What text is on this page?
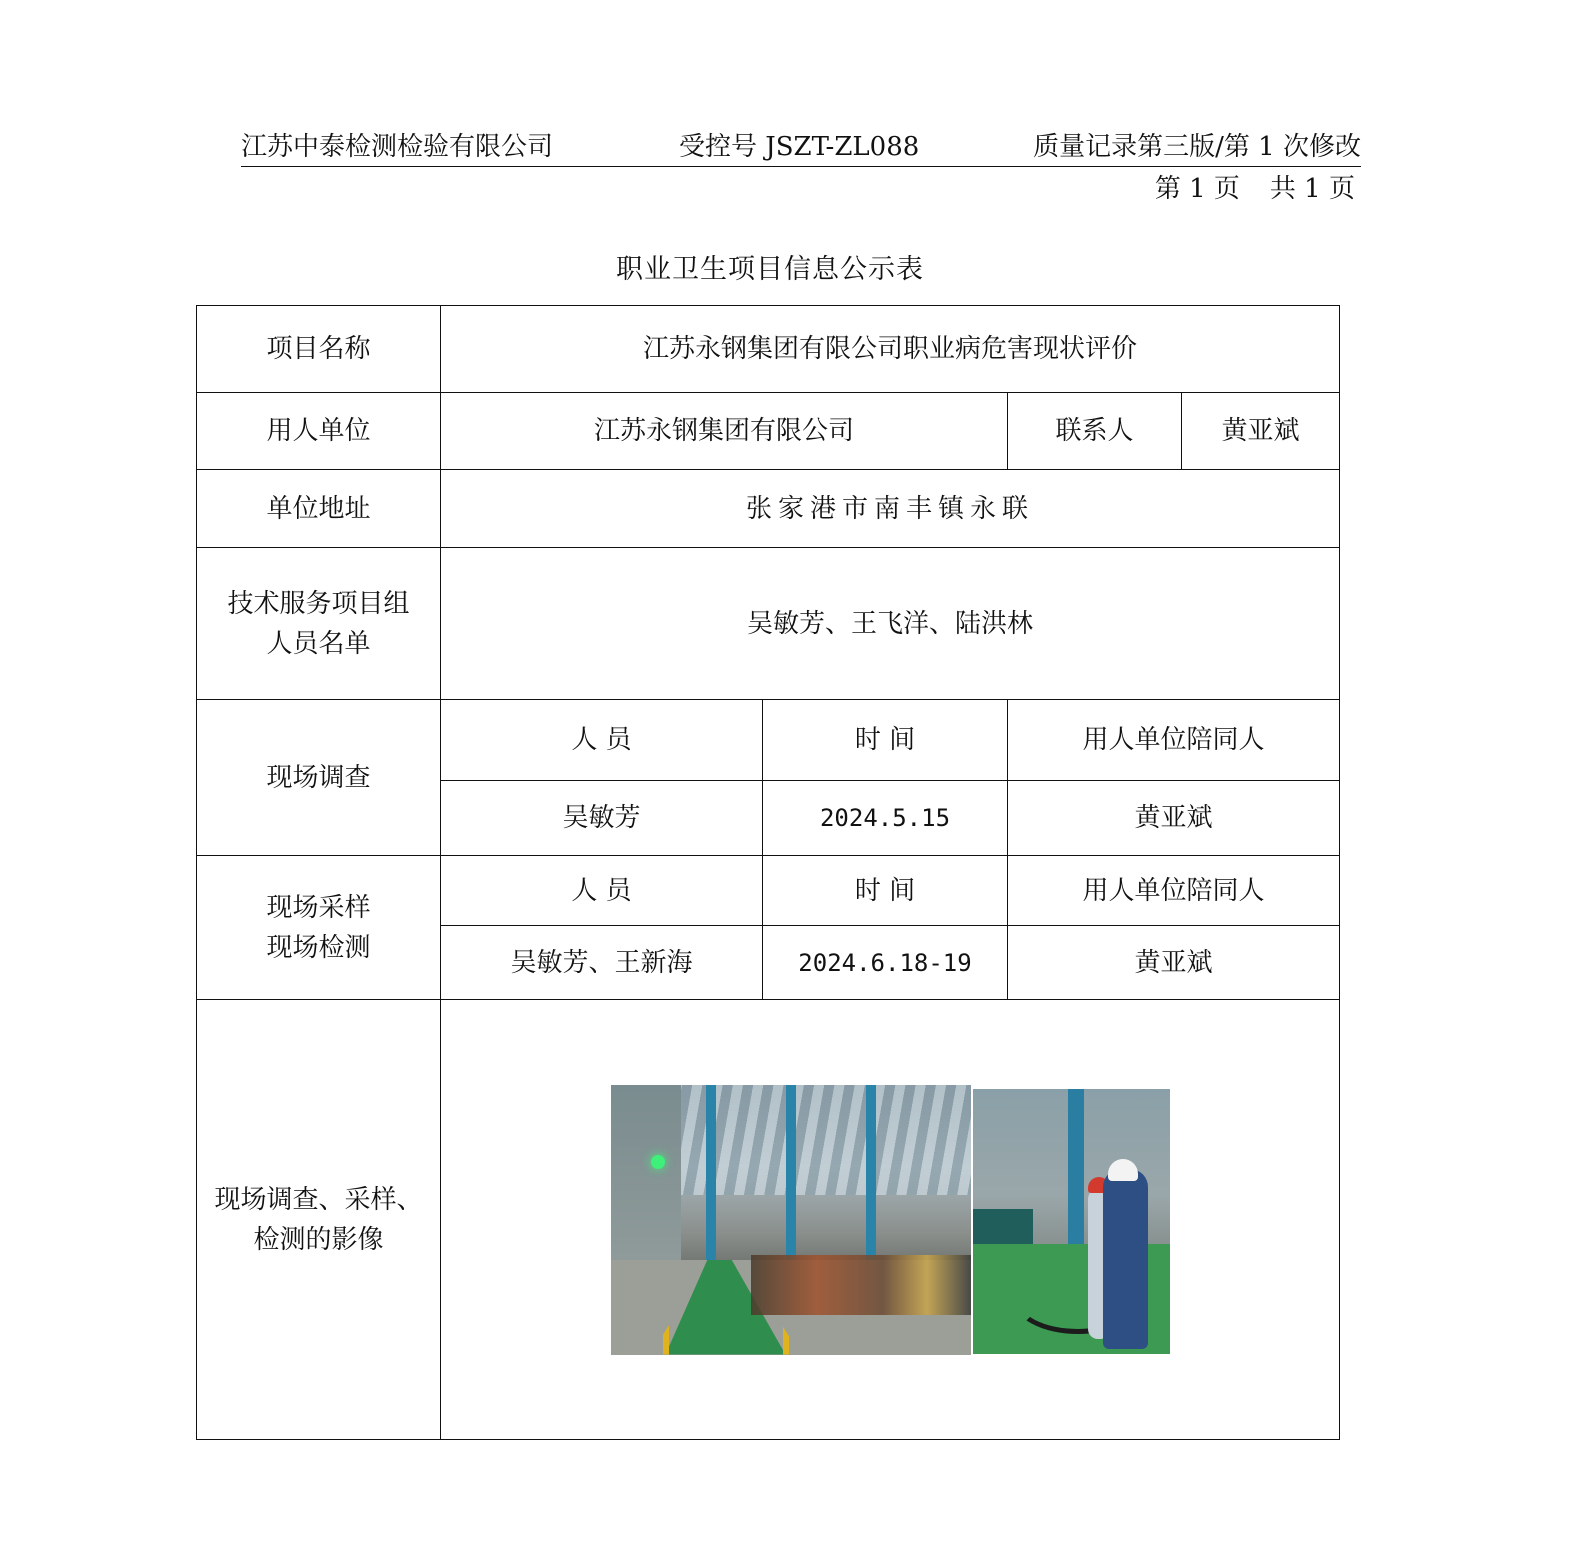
江苏中泰检测检验有限公司	受控号 JSZT-ZL088	质量记录第三版/第 1 次修改
第 1 页 共 1 页
职业卫生项目信息公示表
项目名称	江苏永钢集团有限公司职业病危害现状评价			
用人单位	江苏永钢集团有限公司		联系人	黄亚斌
单位地址	张家港市南丰镇永联			

技术服务项目组
人员名单	吴敏芳、王飞洋、陆洪林			
现场调查	人 员	时 间	用人单位陪同人	
	吴敏芳	2024.5.15	黄亚斌	

现场采样
现场检测	人 员	时 间	用人单位陪同人	
	吴敏芳、王新海	2024.6.18-19	黄亚斌	

现场调查、采样、
检测的影像				
